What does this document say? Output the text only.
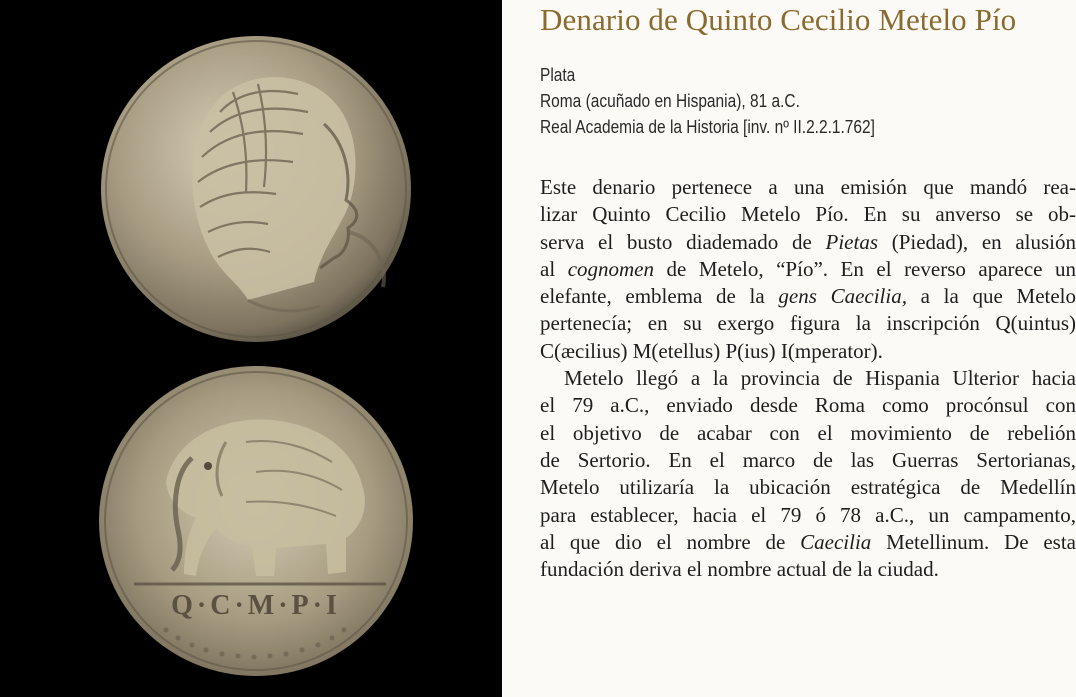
Q·C·M·P·I
Denario de Quinto Cecilio Metelo Pío
Plata
Roma (acuñado en Hispania), 81 a.C.
Real Academia de la Historia [inv. nº II.2.2.1.762]
Este denario pertenece a una emisión que mandó rea-
lizar Quinto Cecilio Metelo Pío. En su anverso se ob-
serva el busto diademado de Pietas (Piedad), en alusión
al cognomen de Metelo, “Pío”. En el reverso aparece un
elefante, emblema de la gens Caecilia, a la que Metelo
pertenecía; en su exergo figura la inscripción Q(uintus)
C(æcilius) M(etellus) P(ius) I(mperator).
Metelo llegó a la provincia de Hispania Ulterior hacia
el 79 a.C., enviado desde Roma como procónsul con
el objetivo de acabar con el movimiento de rebelión
de Sertorio. En el marco de las Guerras Sertorianas,
Metelo utilizaría la ubicación estratégica de Medellín
para establecer, hacia el 79 ó 78 a.C., un campamento,
al que dio el nombre de Caecilia Metellinum. De esta
fundación deriva el nombre actual de la ciudad.
